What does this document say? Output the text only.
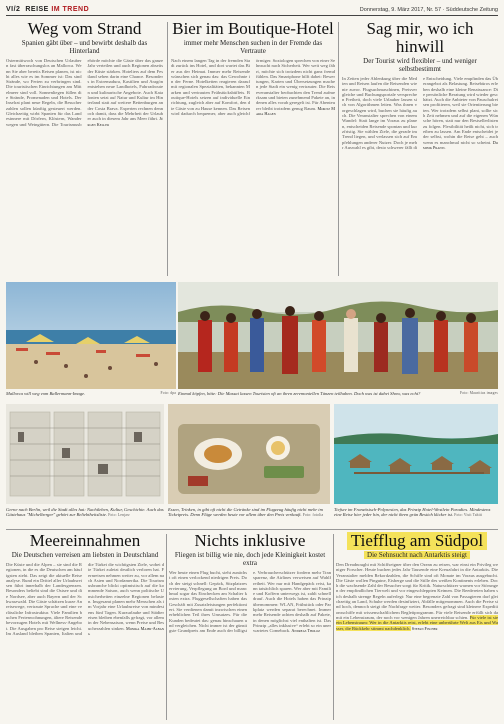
VI/2 REISE IM TREND	Donnerstag, 9. März 2017, Nr. 57 · Süddeutsche Zeitung
Weg vom Strand
Spanien gäbt über – und bewirbt deshalb das Hinterland
Ostermittwoch von Deutschen Urlaubern fast überraschungslos an Mallorca. Wenn Sie aber bereits Reisen planen, ist nicht alles wie es im Sommer ist: Das sind Strände, wo Ferien zu verbringen sind. Die touristischen Einrichtungen am Mittelmeer sind voll. Sonnenliegen füllen die Strände, Promenaden und Hotels. Der Inselrat plant neue Regeln, die Besucherzahlen sollen künftig gesteuert werden. Gleichzeitig wirbt Spanien für das Landesinnere mit Dörfern, Klöstern, Wanderwegen und Weingütern. Die Tourismusbehörde möchte die Gäste über das ganze Jahr verteilen und auch Regionen abseits der Küste stärken. Hoteliers auf dem Festland sehen darin eine Chance. Besonders in Extremadura, Kastilien und Aragón entstehen neue Landhotels, Fahrradrouten und kulinarische Angebote. Auch Katalonien setzt auf Natur und Kultur im Hinterland statt auf weitere Bettenburgen an der Costa Brava. Experten rechnen dennoch damit, dass die Mehrheit der Urlauber auch in diesem Jahr ans Meer fährt. Jürgen Keller
Bier im Boutique-Hotel
immer mehr Menschen suchen in der Fremde das Vertraute
Nach einem langen Tag in der fremden Stadt zurück ins Hotel, und dort wartet das Bier aus der Heimat. Immer mehr Reisende wünschen sich genau das: das Gewohnte in der Ferne. Hotelketten reagieren darauf mit regionalen Spezialitäten, bekannten Marken und vertrauten Frühstücksbüffets. Boutique-Hotels setzen auf individuelle Einrichtung, zugleich aber auf Komfort, den die Gäste von zu Hause kennen. Das Reisen wird dadurch bequemer, aber auch gleichförmiger. Soziologen sprechen von einer Sehnsucht nach Sicherheit. Wer weit weg fährt, möchte sich trotzdem nicht ganz fremd fühlen. Das Smartphone hilft dabei: Bewertungen, Karten und Übersetzungen machen jede Stadt ein wenig vertrauter. Die Reiseveranstalter beobachten den Trend aufmerksam und bieten zunehmend Pakete an, in denen alles vorab geregelt ist. Für Abenteurer bleibt trotzdem genug Raum. Moritz Maria Hagen
Sag mir, wo ich hinwill
Der Tourist wird flexibler – und weniger selbstbestimmt
In Zeiten jeder Ablenkung über die Medien und Reisen laufen die Reisenden wie nie zuvor. Flugsuchmaschinen, Preisvergleiche und Buchungsportale versprechen Freiheit, doch viele Urlauber lassen sich von Algorithmen leiten. Was ihnen vorgeschlagen wird, buchen sie häufig auch. Die Veranstalter sprechen von einem Wandel: Statt lange im Voraus zu planen, entscheiden Reisende spontan und kurzfristig. Sie wählen Ziele, die gerade im Trend liegen, und verlassen sich auf Empfehlungen anderer Nutzer. Doch je mehr Auswahl es gibt, desto schwerer fällt die Entscheidung. Viele empfinden das Überangebot als Belastung. Reisebüros erleben deshalb eine kleine Renaissance: Die persönliche Beratung wird wieder geschätzt. Auch die Anbieter von Pauschalreisen profitieren, weil sie Orientierung bieten. Wer trotzdem selbst plant, sollte sich Zeit nehmen und auf die eigenen Wünsche hören, statt nur den Bestsellerlisten zu folgen. Flexibilität heißt nicht, sich treiben zu lassen. Am Ende entscheidet jeder selbst, wohin die Reise geht – auch wenn es manchmal nicht so scheint. Dominik Prantl
Mallorca will weg vom Ballermann-Image.	Foto: dpa Einmal köpfen, bitte: Die Massai lassen Touristen oft an ihren zeremoniellen Tänzen teilhaben. Doch was ist dabei Show, was echt?	Foto: Mauritius images
Gerne nach Berlin, weil die Stadt alles hat: Nachtleben, Kultur, Geschichte. Auch das Gästehaus "Michelberger" gehört zur Beliebtheitsliste. Foto: Lenjaw
Essen, Trinken, in gibt oft nicht die Getränke sind im Flugzeug häufig nicht mehr im Ticketpreis. Denn Flüge werden heute vor allem über den Preis verkauft. Foto: fotolia
Tiefsee im Französisch-Polynesien, das Prinzip Hotel-Westlein Paradies. Mindestens eine Reise hier jeder hin, der nicht ihren grün Bestich klicker ist. Foto: Visit Tahiti
Meereinnahmen
Die Deutschen verreisen am liebsten in Deutschland
Die Küste und die Alpen – sie sind die Regionen, in die es die Deutschen am häufigsten zieht. Das zeigt die aktuelle Reiseanalyse. Rund ein Drittel aller Urlaubsreisen führt innerhalb der Landesgrenzen. Besonders beliebt sind die Ostsee und die Nordsee, aber auch Bayern und der Schwarzwald. Die Gäste schätzen kurze Anreisewege, vertraute Sprache und eine verlässliche Infrastruktur. Viele Familien buchen Ferienwohnungen, ältere Reisende bevorzugen Hotels mit Wellness-Angebot. Die Ausgaben pro Reise steigen leicht. Im Ausland bleiben Spanien, Italien und die Türkei die wichtigsten Ziele, wobei die Türkei zuletzt deutlich verloren hat. Fernreisen nehmen weiter zu, vor allem nach Asien und Nordamerika. Die Tourismusbranche blickt optimistisch auf die kommende Saison, auch wenn politische Unsicherheiten einzelne Regionen belasten. Insgesamt planen mehr Menschen als im Vorjahr eine Urlaubsreise von mindestens fünf Tagen. Kurzurlaube und Städtereisen bleiben ebenfalls gefragt, vor allem in der Nebensaison, wenn Preise und Besucherzahlen sinken. Monika Maier-Albang
Nichts inklusive
Fliegen ist billig wie nie, doch jede Kleinigkeit kostet extra
Wer heute einen Flug bucht, sieht zunächst oft einen verlockend niedrigen Preis. Doch der steigt schnell: Gepäck, Sitzplatzreservierung, Verpflegung an Bord und manchmal sogar das Einchecken am Schalter kosten extra. Fluggesellschaften haben das Geschäft mit Zusatzleistungen perfektioniert. Sie verdienen damit inzwischen einen erheblichen Teil ihres Umsatzes. Für die Kunden bedeutet das: genau hinschauen und vergleichen. Nicht immer ist der günstigste Grundpreis am Ende auch der billigste. Verbraucherschützer fordern mehr Transparenz, die Airlines verweisen auf Wahlfreiheit. Wer nur mit Handgepäck reist, kann tatsächlich sparen. Wer aber mit Familie und Koffern unterwegs ist, zahlt schnell drauf. Auch die Hotels haben das Prinzip übernommen: WLAN, Frühstück oder Parkplatz werden separat berechnet. Immer mehr Reisende achten deshalb auf Pakete, in denen möglichst viel enthalten ist. Das Prinzip „alles inklusive“ erlebt so ein unerwartetes Comeback. Andreas Tholoz
Tiefflug am Südpol
Die Sehnsucht nach Antarktis steigt
Den Dreadnought mit Schiffseigner über den Ozean zu reisen, war einst ein Privileg weniger Forscher. Heute buchen jedes Jahr Tausende eine Kreuzfahrt in die Antarktis. Die Veranstalter melden Rekordzahlen, die Schiffe sind oft Monate im Voraus ausgebucht. Die Gäste wollen Pinguine, Eisberge und die Stille des weißen Kontinents erleben. Doch die wachsende Zahl der Besucher sorgt für Kritik. Naturschützer warnen vor Störungen der empfindlichen Tierwelt und vor eingeschleppten Keimen. Die Reedereien haben sich deshalb strenge Regeln auferlegt: Nur eine begrenzte Zahl von Passagieren darf gleichzeitig an Land, Schuhe werden desinfiziert, Abfälle mitgenommen. Auch die Preise sind hoch, dennoch steigt die Nachfrage weiter. Besonders gefragt sind kleinere Expeditionsschiffe mit wissenschaftlichem Begleitprogramm. Für viele Reisende erfüllt sich damit ein Lebenstraum, der noch vor wenigen Jahren unerreichbar schien. Für viele ist sie ein Lebenstraum: Wer in die Antarktis reist, erlebt eine unberührte Welt aus Eis und Wasser, die Rückkehr stimmt nachdenklich. Stefan Fischer
